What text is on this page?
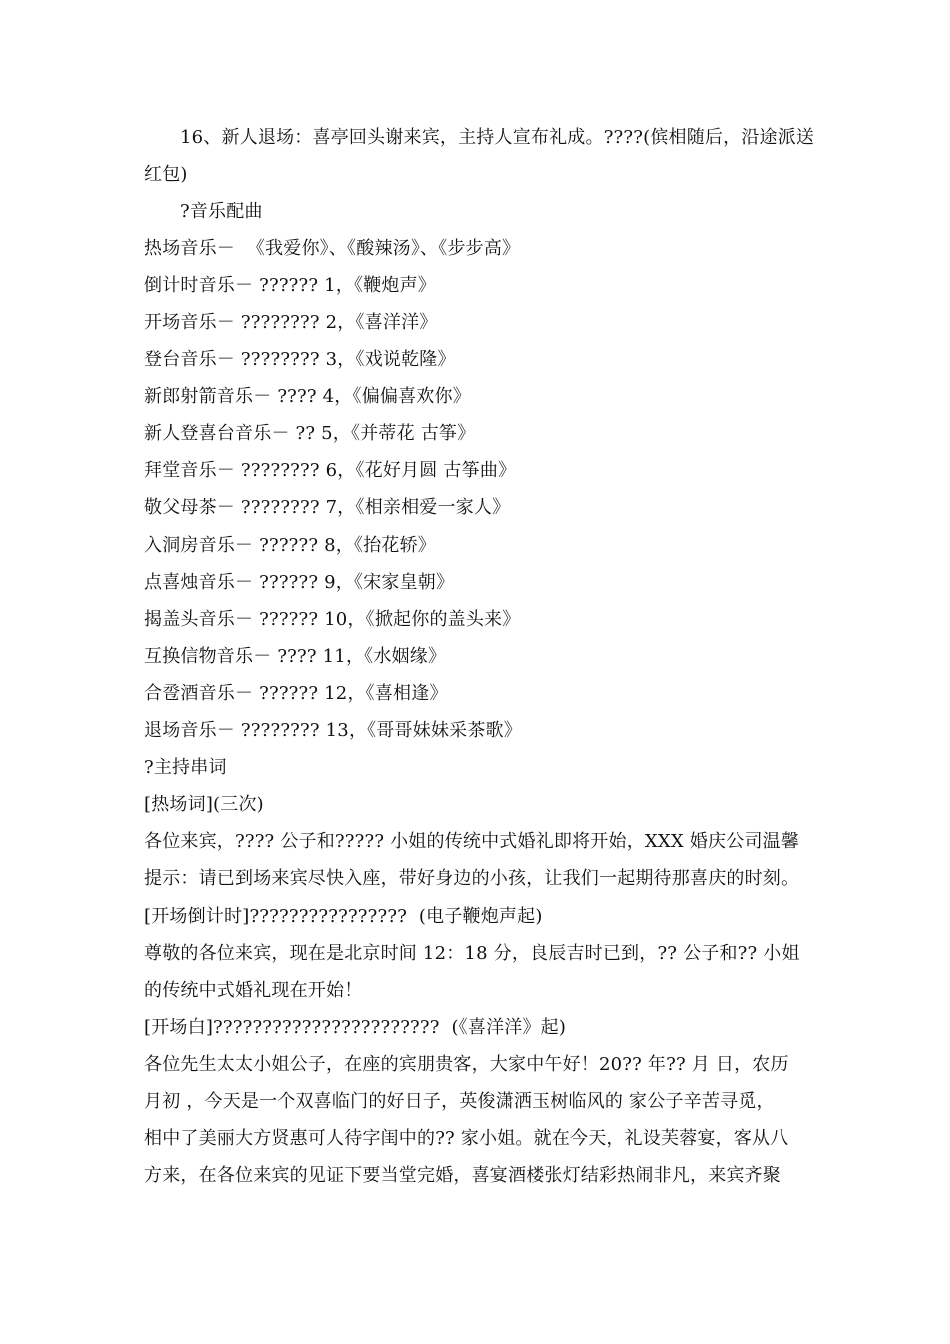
16、新人退场：喜亭回头谢来宾，主持人宣布礼成。????(傧相随后，沿途派送
红包)
?音乐配曲
热场音乐－  《我爱你》、《酸辣汤》、《步步高》
倒计时音乐－ ?????? 1，《鞭炮声》
开场音乐－ ???????? 2，《喜洋洋》
登台音乐－ ???????? 3，《戏说乾隆》
新郎射箭音乐－ ???? 4，《偏偏喜欢你》
新人登喜台音乐－ ?? 5，《并蒂花 古筝》
拜堂音乐－ ???????? 6，《花好月圆 古筝曲》
敬父母茶－ ???????? 7，《相亲相爱一家人》
入洞房音乐－ ?????? 8，《抬花轿》
点喜烛音乐－ ?????? 9，《宋家皇朝》
揭盖头音乐－ ?????? 10，《掀起你的盖头来》
互换信物音乐－ ???? 11，《水姻缘》
合卺酒音乐－ ?????? 12，《喜相逢》
退场音乐－ ???????? 13，《哥哥妹妹采茶歌》
?主持串词
[热场词](三次)
各位来宾，???? 公子和????? 小姐的传统中式婚礼即将开始，XXX 婚庆公司温馨
提示：请已到场来宾尽快入座，带好身边的小孩，让我们一起期待那喜庆的时刻。
[开场倒计时]????????????????  (电子鞭炮声起)
尊敬的各位来宾，现在是北京时间 12：18 分，良辰吉时已到，?? 公子和?? 小姐
的传统中式婚礼现在开始！
[开场白]???????????????????????  (《喜洋洋》起)
各位先生太太小姐公子，在座的宾朋贵客，大家中午好！20?? 年?? 月 日，农历
月初 ，今天是一个双喜临门的好日子，英俊潇洒玉树临风的 家公子辛苦寻觅，
相中了美丽大方贤惠可人待字闺中的?? 家小姐。就在今天，礼设芙蓉宴，客从八
方来，在各位来宾的见证下要当堂完婚，喜宴酒楼张灯结彩热闹非凡，来宾齐聚
